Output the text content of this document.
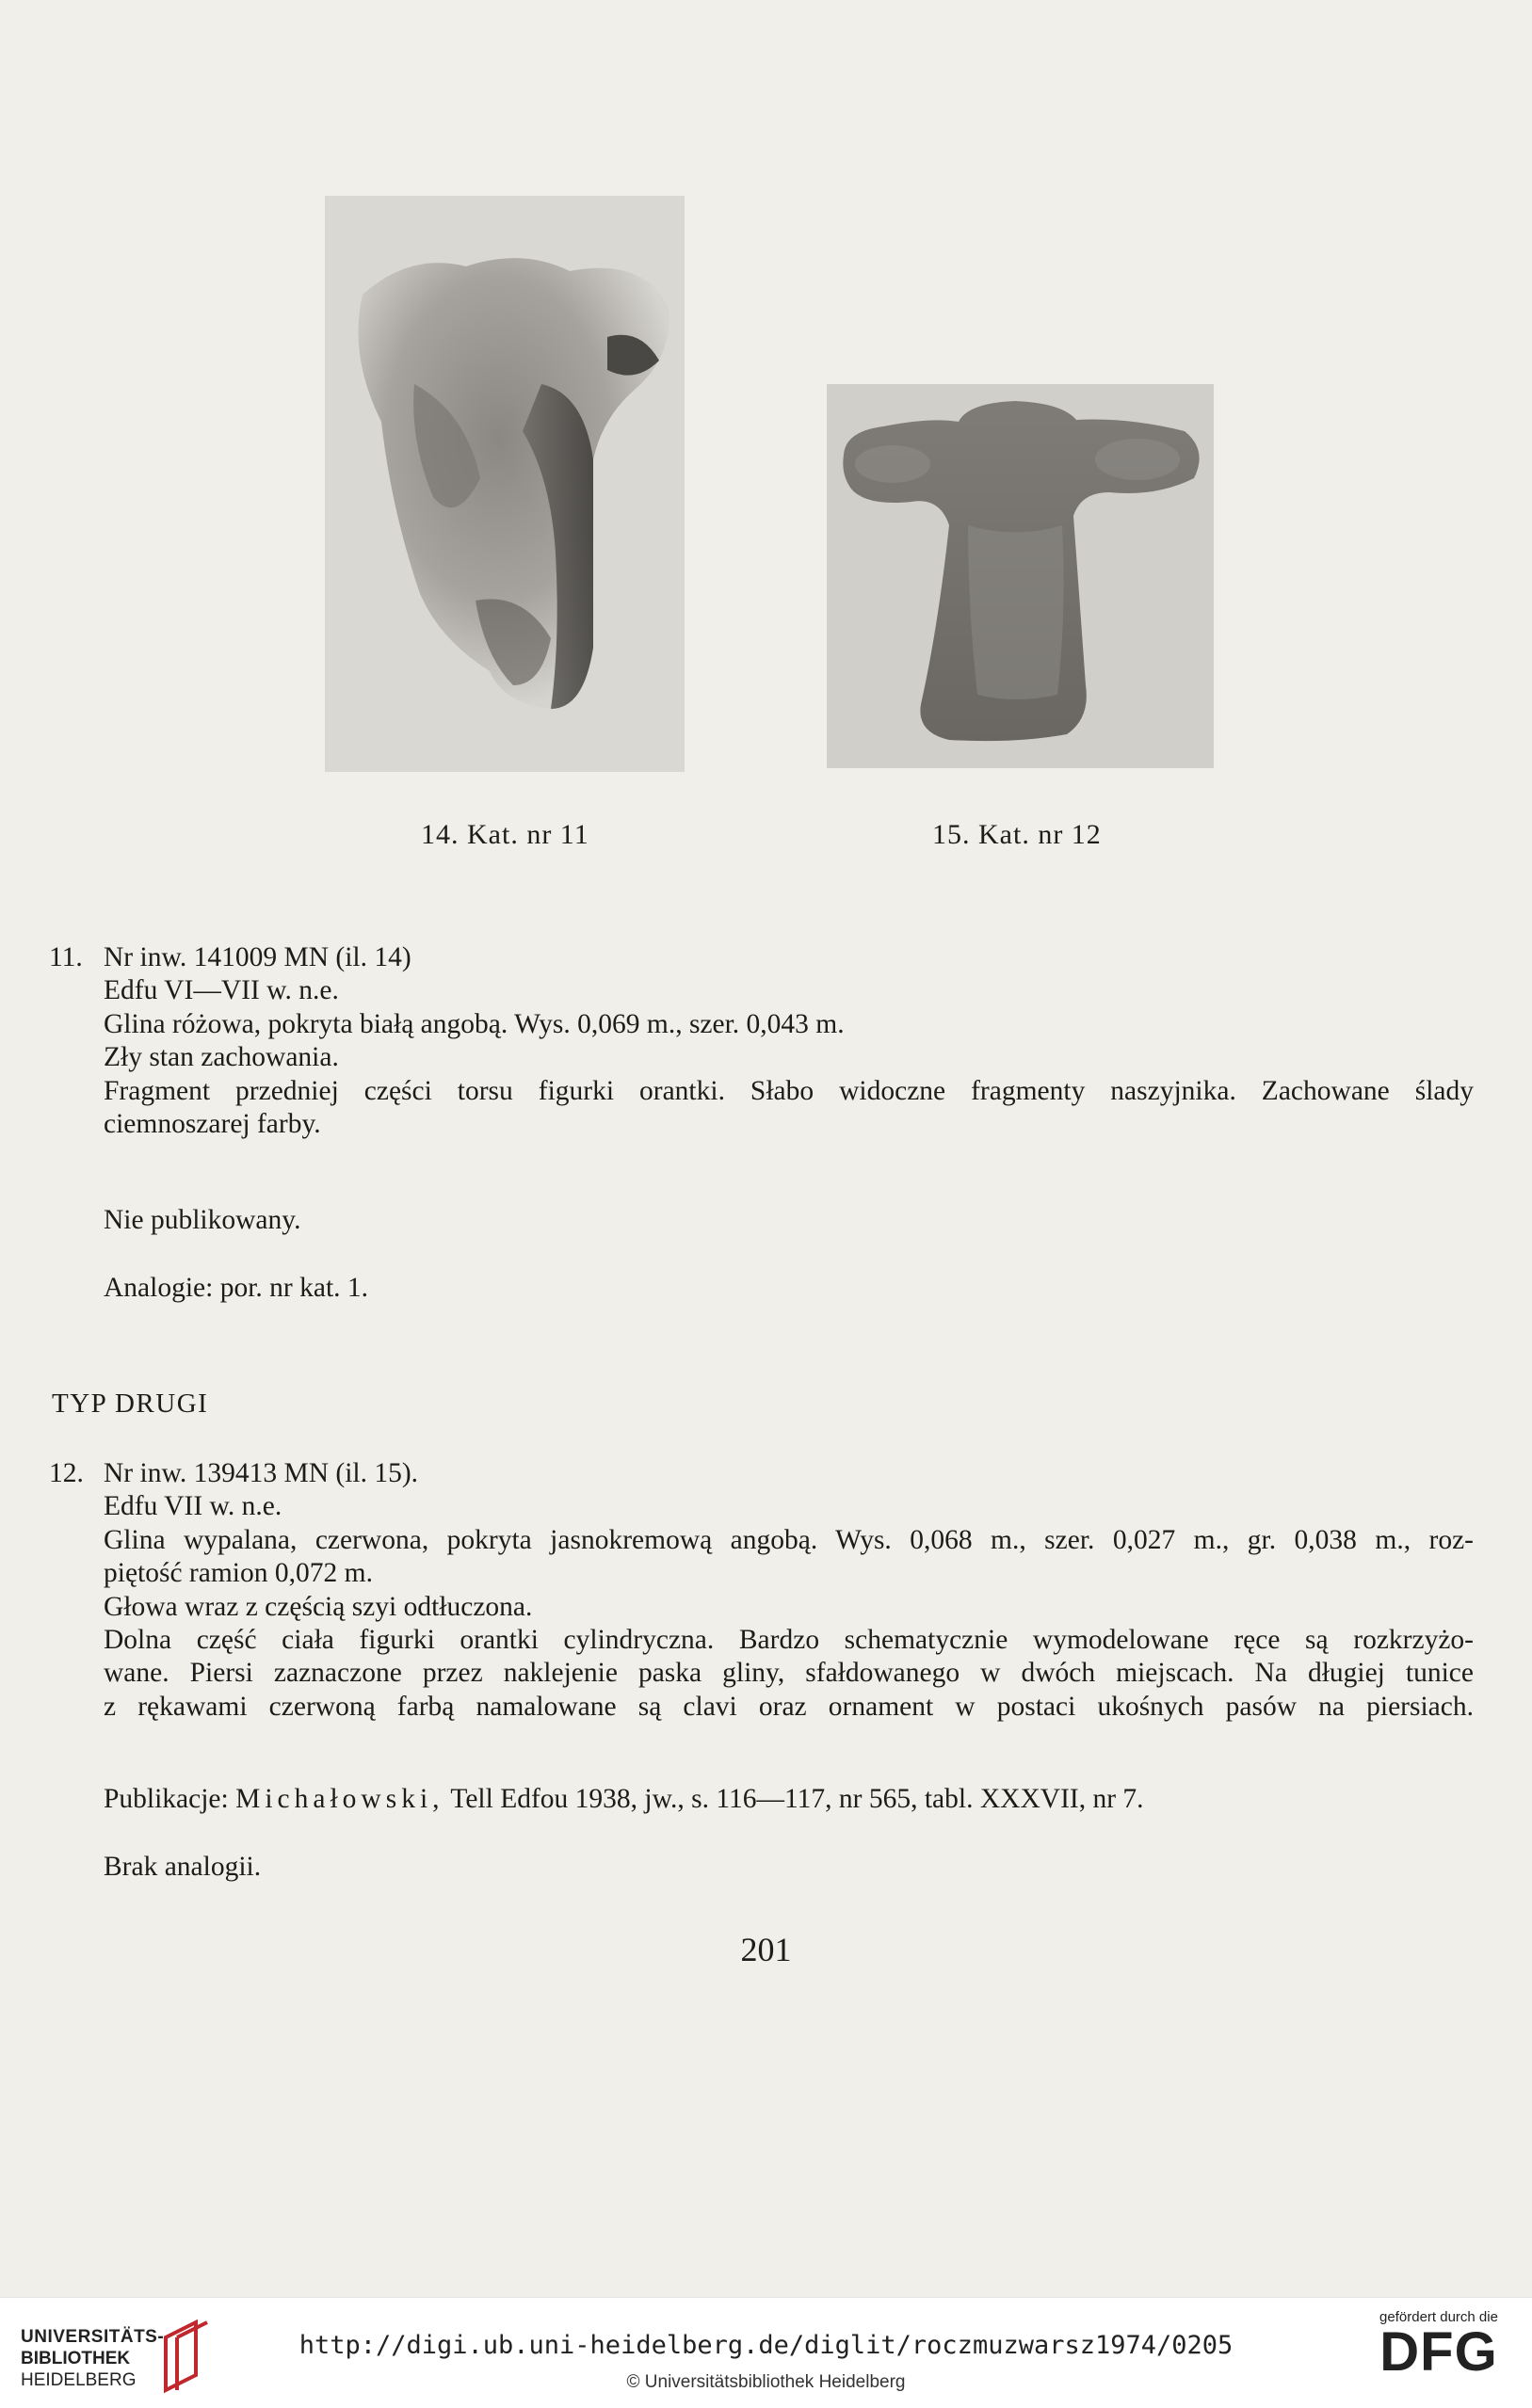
14. Kat. nr 11	15. Kat. nr 12
11. Nr inw. 141009 MN (il. 14)
Edfu VI—VII w. n.e.
Glina różowa, pokryta białą angobą. Wys. 0,069 m., szer. 0,043 m.
Zły stan zachowania.
Fragment przedniej części torsu figurki orantki. Słabo widoczne fragmenty naszyjnika. Zachowane ślady
ciemnoszarej farby.
Nie publikowany.
Analogie: por. nr kat. 1.
TYP DRUGI
12. Nr inw. 139413 MN (il. 15).
Edfu VII w. n.e.
Glina wypalana, czerwona, pokryta jasnokremową angobą. Wys. 0,068 m., szer. 0,027 m., gr. 0,038 m., roz-
piętość ramion 0,072 m.
Głowa wraz z częścią szyi odtłuczona.
Dolna część ciała figurki orantki cylindryczna. Bardzo schematycznie wymodelowane ręce są rozkrzyżo-
wane. Piersi zaznaczone przez naklejenie paska gliny, sfałdowanego w dwóch miejscach. Na długiej tunice
z rękawami czerwoną farbą namalowane są clavi oraz ornament w postaci ukośnych pasów na piersiach.
Publikacje: Michałowski, Tell Edfou 1938, jw., s. 116—117, nr 565, tabl. XXXVII, nr 7.
Brak analogii.
201
UNIVERSITÄTS-
BIBLIOTHEK
HEIDELBERG
http://digi.ub.uni-heidelberg.de/diglit/roczmuzwarsz1974/0205
© Universitätsbibliothek Heidelberg
gefördert durch die
DFG
